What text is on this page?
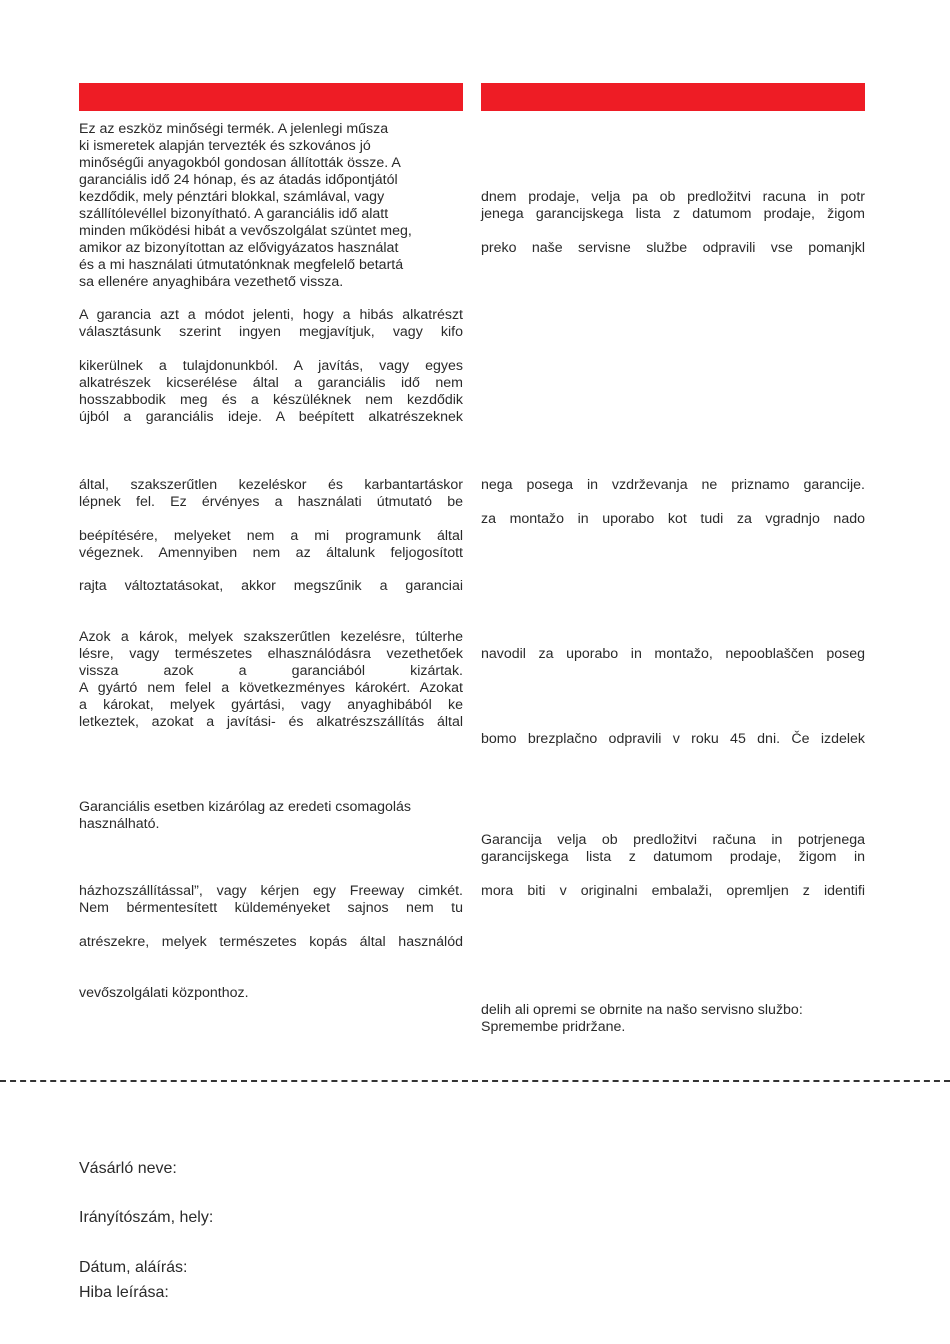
Ez az eszköz minőségi termék. A jelenlegi műsza
ki ismeretek alapján tervezték és szkovános jó
minőségűi anyagokból gondosan állították össze. A
garanciális idő 24 hónap, és az átadás időpontjától
kezdődik, mely pénztári blokkal, számlával, vagy
szállítólevéllel bizonyítható. A garanciális idő alatt
minden működési hibát a vevőszolgálat szüntet meg,
amikor az bizonyítottan az elővigyázatos használat
és a mi használati útmutatónknak megfelelő betartá
sa ellenére anyaghibára vezethető vissza.

A garancia azt a módot jelenti, hogy a hibás alkatrészt
választásunk szerint ingyen megjavítjuk, vagy kifo

kikerülnek a tulajdonunkból. A javítás, vagy egyes
alkatrészek kicserélése által a garanciális idő nem
hosszabbodik meg és a készüléknek nem kezdődik
újból a garanciális ideje. A beépített alkatrészeknek

által, szakszerűtlen kezeléskor és karbantartáskor
lépnek fel. Ez érvényes a használati útmutató be

beépítésére, melyeket nem a mi programunk által
végeznek. Amennyiben nem az általunk feljogosított

rajta változtatásokat, akkor megszűnik a garanciai

Azok a károk, melyek szakszerűtlen kezelésre, túlterhe
lésre, vagy természetes elhasználódásra vezethetőek
vissza azok a garanciából kizártak.
A gyártó nem felel a következményes károkért. Azokat
a károkat, melyek gyártási, vagy anyaghibából ke
letkeztek, azokat a javítási- és alkatrészszállítás által

Garanciális esetben kizárólag az eredeti csomagolás
használható.

házhozszállítással”, vagy kérjen egy Freeway cimkét.
Nem bérmentesített küldeményeket sajnos nem tu

atrészekre, melyek természetes kopás által használód

vevőszolgálati központhoz.

dnem prodaje, velja pa ob predložitvi racuna in potr
jenega garancijskega lista z datumom prodaje, žigom

preko naše servisne službe odpravili vse pomanjkl

nega posega in vzdrževanja ne priznamo garancije.

za montažo in uporabo kot tudi za vgradnjo nado

navodil za uporabo in montažo, nepooblaščen poseg

bomo brezplačno odpravili v roku 45 dni. Če izdelek

Garancija velja ob predložitvi računa in potrjenega
garancijskega lista z datumom prodaje, žigom in

mora biti v originalni embalaži, opremljen z identifi

delih ali opremi se obrnite na našo servisno službo:
Spremembe pridržane.

Vásárló neve:
Irányítószám, hely:
Dátum, aláírás:
Hiba leírása:
